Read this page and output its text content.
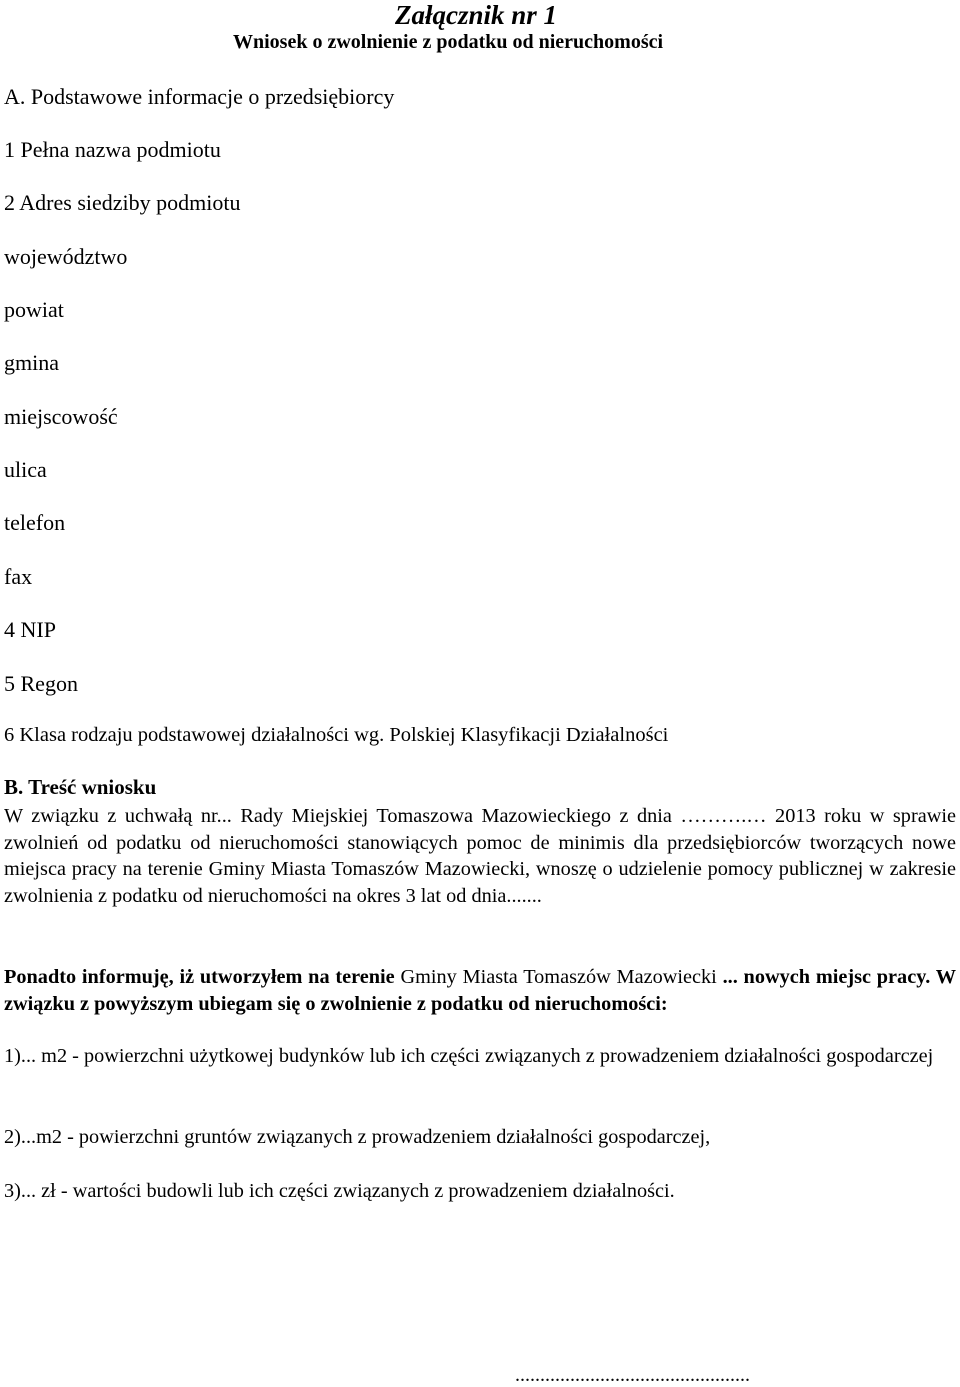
Załącznik nr 1
Wniosek o zwolnienie z podatku od nieruchomości
A. Podstawowe informacje o przedsiębiorcy
1 Pełna nazwa podmiotu
2 Adres siedziby podmiotu
województwo
powiat
gmina
miejscowość
ulica
telefon
fax
4 NIP
5 Regon
6 Klasa rodzaju podstawowej działalności wg. Polskiej Klasyfikacji Działalności
B. Treść wniosku
W związku z uchwałą nr... Rady Miejskiej Tomaszowa Mazowieckiego z dnia ……….… 2013 roku w sprawie zwolnień od podatku od nieruchomości stanowiących pomoc de minimis dla przedsiębiorców tworzących nowe miejsca pracy na terenie Gminy Miasta Tomaszów Mazowiecki, wnoszę o udzielenie pomocy publicznej w zakresie zwolnienia z podatku od nieruchomości na okres 3 lat od dnia.......
Ponadto informuję, iż utworzyłem na terenie Gminy Miasta Tomaszów Mazowiecki ... nowych miejsc pracy. W związku z powyższym ubiegam się o zwolnienie z podatku od nieruchomości:
1)... m2 - powierzchni użytkowej budynków lub ich części związanych z prowadzeniem działalności gospodarczej
2)...m2 - powierzchni gruntów związanych z prowadzeniem działalności gospodarczej,
3)... zł - wartości budowli lub ich części związanych z prowadzeniem działalności.
...............................................
